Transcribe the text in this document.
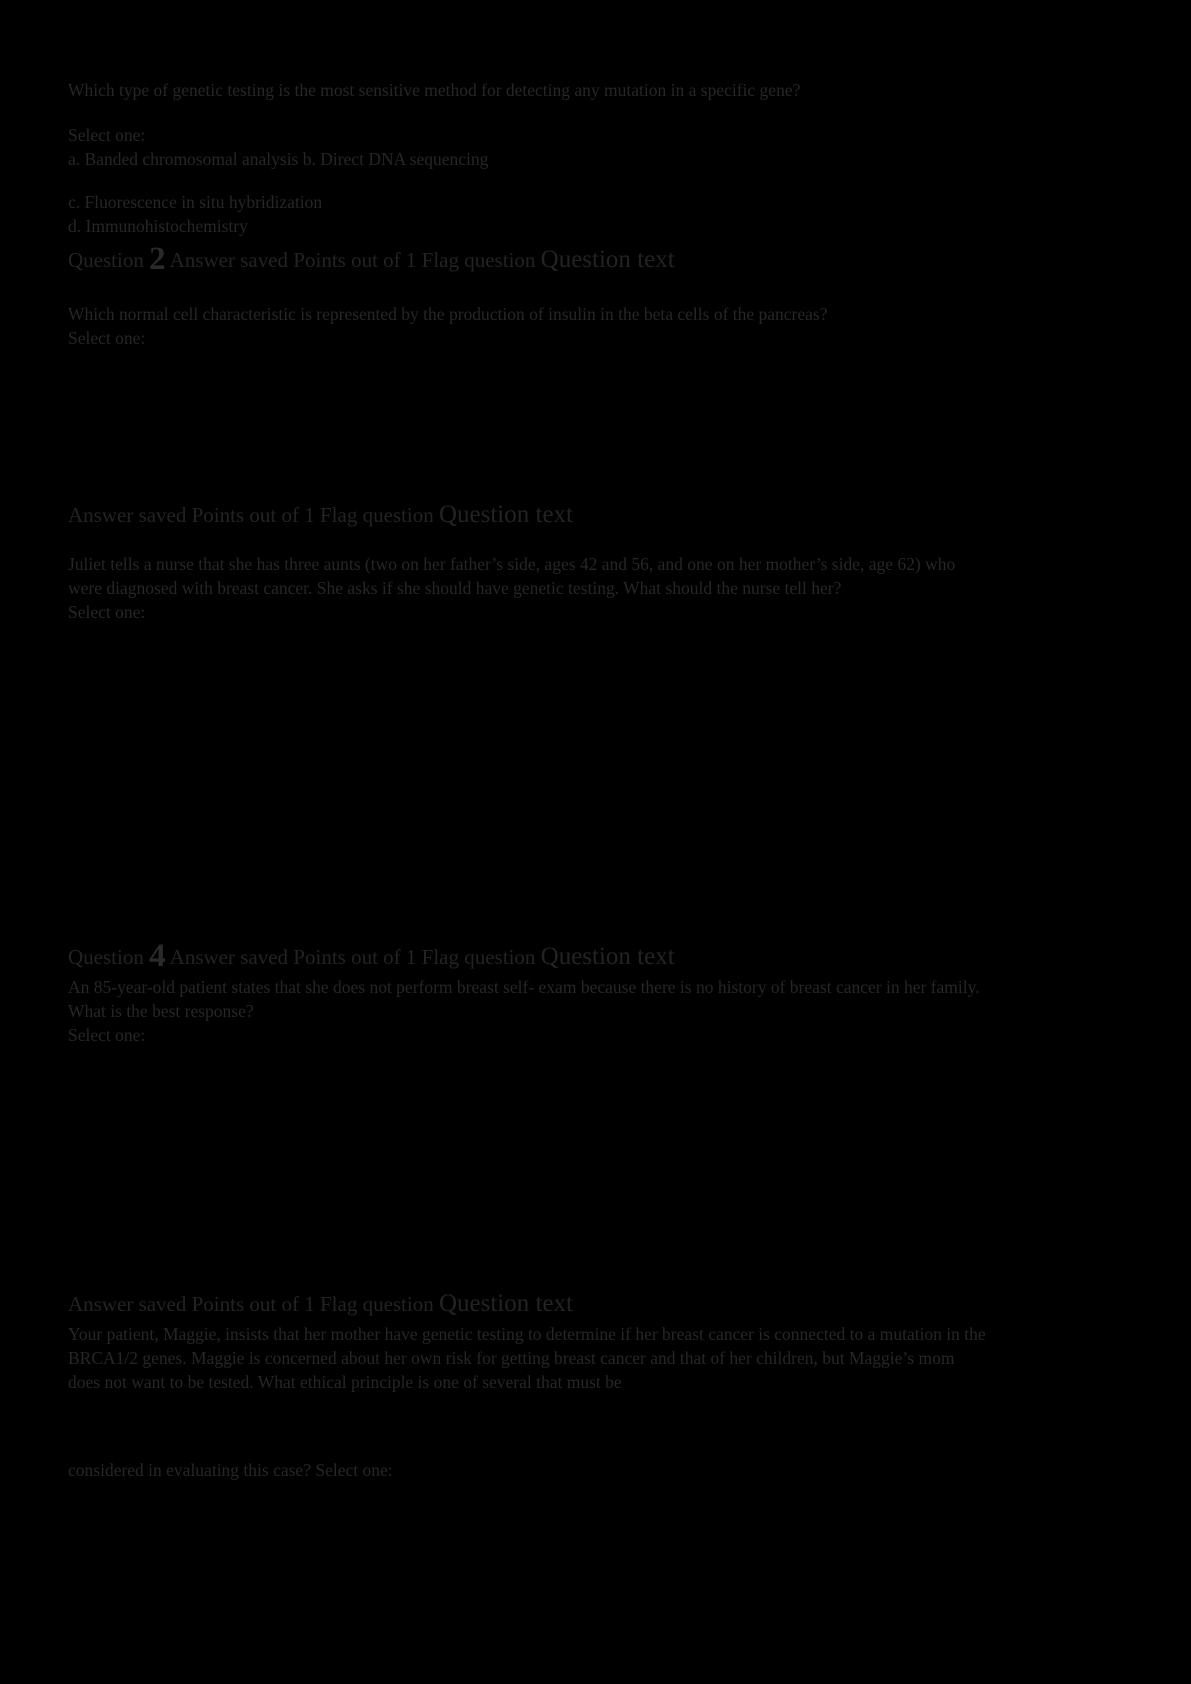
Which type of genetic testing is the most sensitive method for detecting any mutation in a specific gene?

Select one:

a. Banded chromosomal analysis b. Direct DNA sequencing
c. Fluorescence in situ hybridization
d. Immunohistochemistry
Question 2 Answer saved Points out of 1 Flag question Question text

Which normal cell characteristic is represented by the production of insulin in the beta cells of the pancreas?

Select one:

Answer saved Points out of 1 Flag question Question text

Juliet tells a nurse that she has three aunts (two on her father’s side, ages 42 and 56, and one on her mother’s side, age 62) who

were diagnosed with breast cancer. She asks if she should have genetic testing. What should the nurse tell her?

Select one:

Question 4 Answer saved Points out of 1 Flag question Question text

An 85-year-old patient states that she does not perform breast self- exam because there is no history of breast cancer in her family.

What is the best response?

Select one:

Answer saved Points out of 1 Flag question Question text

Your patient, Maggie, insists that her mother have genetic testing to determine if her breast cancer is connected to a mutation in the

BRCA1/2 genes. Maggie is concerned about her own risk for getting breast cancer and that of her children, but Maggie’s mom

does not want to be tested. What ethical principle is one of several that must be

considered in evaluating this case? Select one:
